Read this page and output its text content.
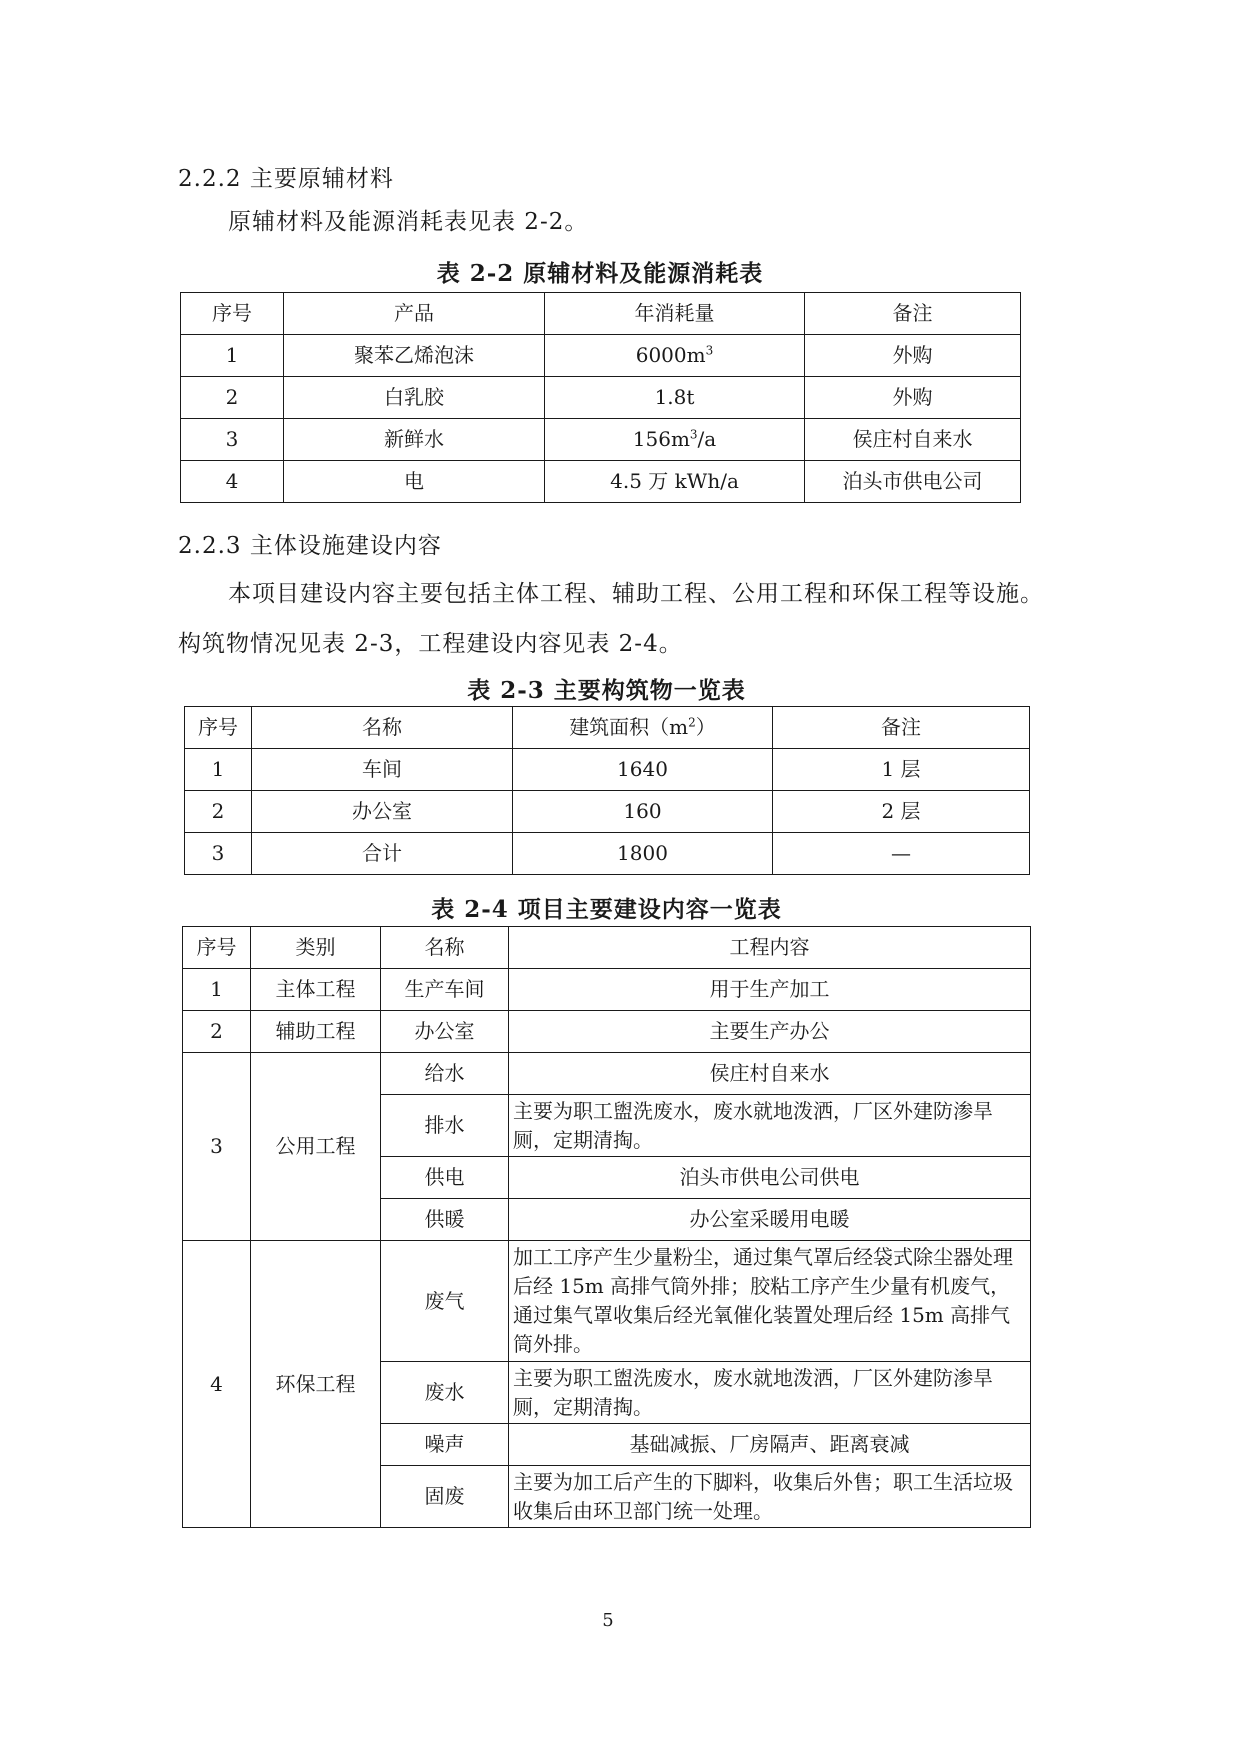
2.2.2 主要原辅材料
原辅材料及能源消耗表见表 2-2。
表 2-2 原辅材料及能源消耗表
序号	产品	年消耗量	备注
1	聚苯乙烯泡沫	$6000m^3$	外购
2	白乳胶	1.8t	外购
3	新鲜水	$156m^3/a$	侯庄村自来水
4	电	4.5 万 kWh/a	泊头市供电公司
2.2.3 主体设施建设内容
本项目建设内容主要包括主体工程、辅助工程、公用工程和环保工程等设施。
构筑物情况见表 2-3，工程建设内容见表 2-4。
表 2-3 主要构筑物一览表
序号	名称	建筑面积$(m^2)$	备注
1	车间	1640	1 层
2	办公室	160	2 层
3	合计	1800	—
表 2-4 项目主要建设内容一览表
序号	类别	名称	工程内容
1	主体工程	生产车间	用于生产加工
2	辅助工程	办公室	主要生产办公
3	公用工程	给水	侯庄村自来水
		排水	主要为职工盥洗废水，废水就地泼洒，厂区外建防渗旱厕，定期清掏。
		供电	泊头市供电公司供电
		供暖	办公室采暖用电暖
4	环保工程	废气	加工工序产生少量粉尘，通过集气罩后经袋式除尘器处理后经 15m 高排气筒外排；胶粘工序产生少量有机废气，通过集气罩收集后经光氧催化装置处理后经 15m 高排气筒外排。
		废水	主要为职工盥洗废水，废水就地泼洒，厂区外建防渗旱厕，定期清掏。
		噪声	基础减振、厂房隔声、距离衰减
		固废	主要为加工后产生的下脚料，收集后外售；职工生活垃圾收集后由环卫部门统一处理。
5
